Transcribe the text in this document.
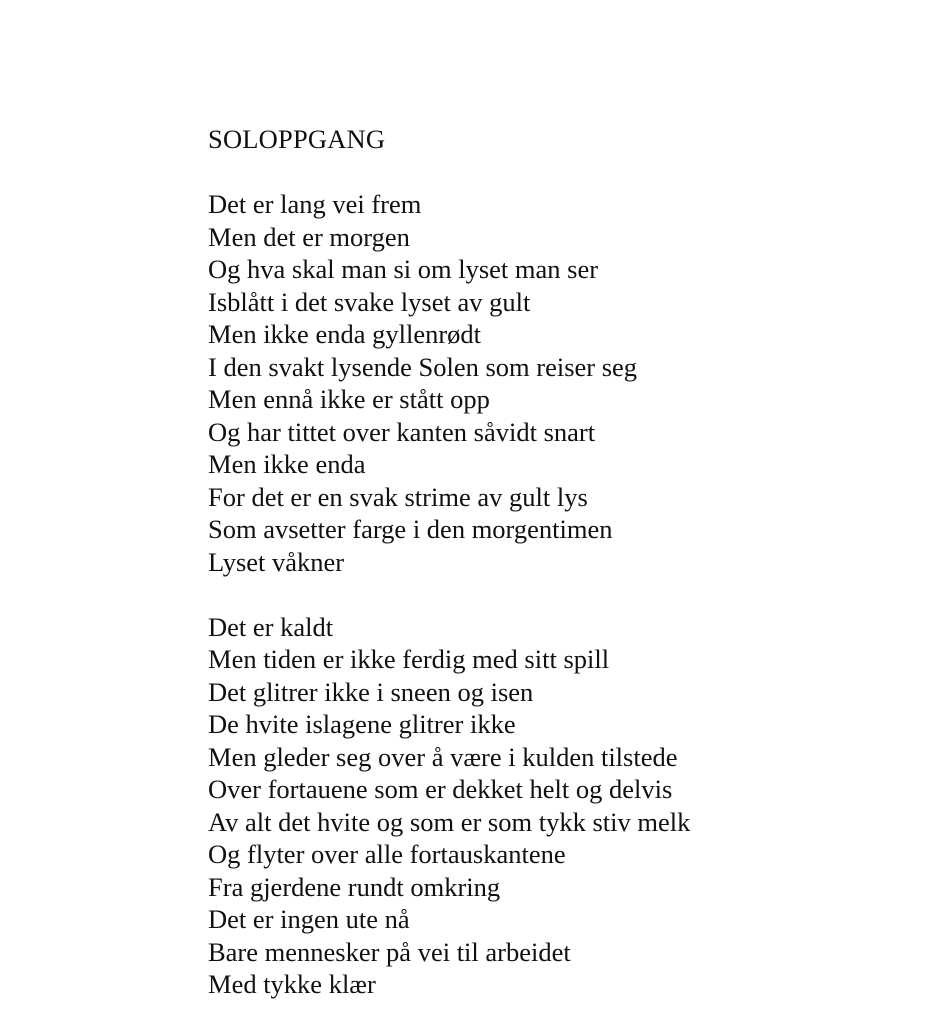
SOLOPPGANG
Det er lang vei frem
Men det er morgen
Og hva skal man si om lyset man ser
Isblått i det svake lyset av gult
Men ikke enda gyllenrødt
I den svakt lysende Solen som reiser seg
Men ennå ikke er stått opp
Og har tittet over kanten såvidt snart
Men ikke enda
For det er en svak strime av gult lys
Som avsetter farge i den morgentimen
Lyset våkner
Det er kaldt
Men tiden er ikke ferdig med sitt spill
Det glitrer ikke i sneen og isen
De hvite islagene glitrer ikke
Men gleder seg over å være i kulden tilstede
Over fortauene som er dekket helt og delvis
Av alt det hvite og som er som tykk stiv melk
Og flyter over alle fortauskantene
Fra gjerdene rundt omkring
Det er ingen ute nå
Bare mennesker på vei til arbeidet
Med tykke klær
